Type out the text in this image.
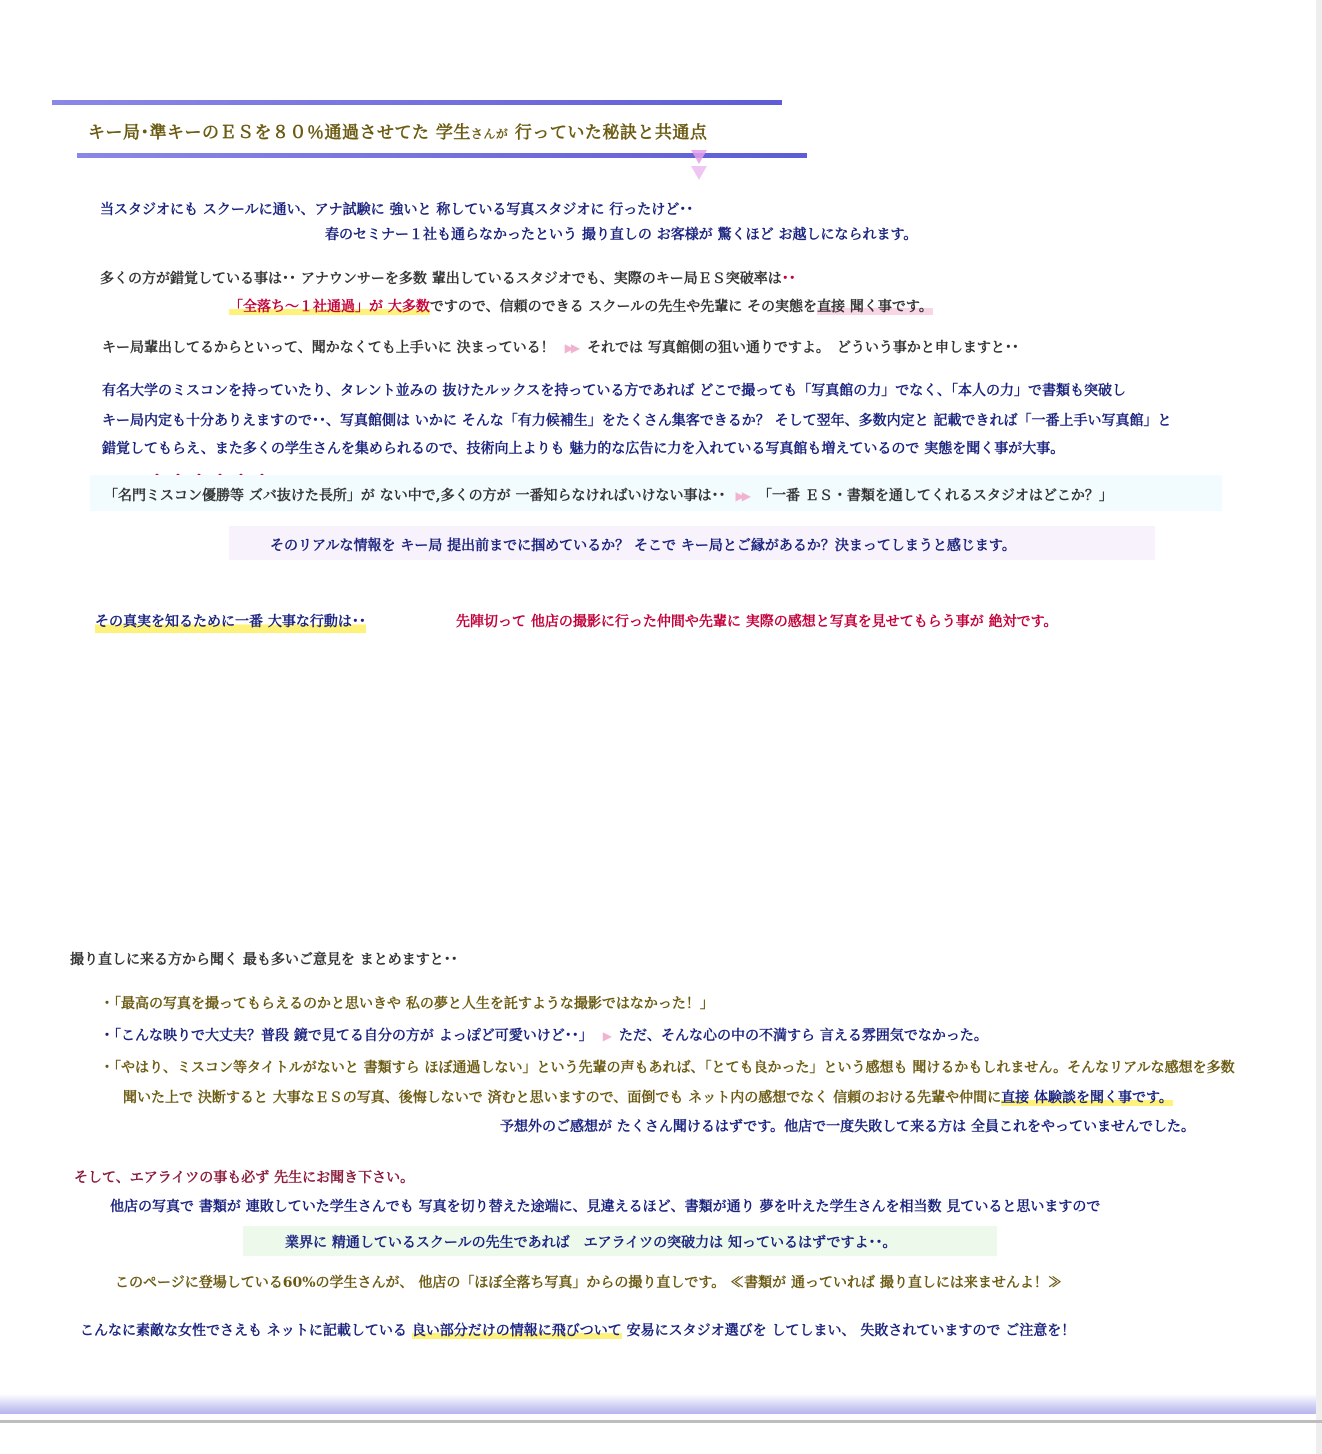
キー局･準キーのＥＳを８０％通過させてた 学生さんが 行っていた秘訣と共通点
当スタジオにも スクールに通い、アナ試験に 強いと 称している写真スタジオに 行ったけど･･
春のセミナー１社も通らなかったという 撮り直しの お客様が 驚くほど お越しになられます。
多くの方が錯覚している事は･･ アナウンサーを多数 輩出しているスタジオでも、実際のキー局ＥＳ突破率は･･
「全落ち～１社通過」が 大多数ですので、信頼のできる スクールの先生や先輩に その実態を直接 聞く事です。
キー局輩出してるからといって、聞かなくても上手いに 決まっている！ ▶▶ それでは 写真館側の狙い通りですよ。　どういう事かと申しますと･･
有名大学のミスコンを持っていたり、タレント並みの 抜けたルックスを持っている方であれば どこで撮っても「写真館の力」でなく、「本人の力」で書類も突破し
キー局内定も十分ありえますので･･、写真館側は いかに そんな「有力候補生」をたくさん集客できるか？ そして翌年、多数内定と 記載できれば「一番上手い写真館」と
錯覚してもらえ、また多くの学生さんを集められるので、技術向上よりも 魅力的な広告に力を入れている写真館も増えているので 実態を聞く事が大事。
「名門ミスコン優勝等 ズバ抜けた長所」が ない中で,多くの方が 一番知らなければいけない事は･･ ▶▶ 「一番 ＥＳ・書類を通してくれるスタジオはどこか？」
そのリアルな情報を キー局 提出前までに掴めているか？ そこで キー局とご縁があるか？決まってしまうと感じます。
その真実を知るために一番 大事な行動は･･	先陣切って 他店の撮影に行った仲間や先輩に 実際の感想と写真を見せてもらう事が 絶対です。
撮り直しに来る方から聞く 最も多いご意見を まとめますと･･
・「最高の写真を撮ってもらえるのかと思いきや 私の夢と人生を託すような撮影ではなかった！」
・「こんな映りで大丈夫？普段 鏡で見てる自分の方が よっぽど可愛いけど･･」 ▶ ただ、そんな心の中の不満すら 言える雰囲気でなかった。
・「やはり、ミスコン等タイトルがないと 書類すら ほぼ通過しない」という先輩の声もあれば、「とても良かった」という感想も 聞けるかもしれません。そんなリアルな感想を多数
聞いた上で 決断すると 大事なＥＳの写真、後悔しないで 済むと思いますので、面倒でも ネット内の感想でなく 信頼のおける先輩や仲間に直接 体験談を聞く事です。
予想外のご感想が たくさん聞けるはずです。他店で一度失敗して来る方は 全員これをやっていませんでした。
そして、エアライツの事も必ず 先生にお聞き下さい。
他店の写真で 書類が 連敗していた学生さんでも 写真を切り替えた途端に、見違えるほど、書類が通り 夢を叶えた学生さんを相当数 見ていると思いますので
業界に 精通しているスクールの先生であれば　エアライツの突破力は 知っているはずですよ･･。
このページに登場している60%の学生さんが、 他店の「ほぼ全落ち写真」からの撮り直しです。 ≪書類が 通っていれば 撮り直しには来ませんよ！≫
こんなに素敵な女性でさえも ネットに記載している 良い部分だけの情報に飛びついて 安易にスタジオ選びを してしまい、 失敗されていますので ご注意を！
